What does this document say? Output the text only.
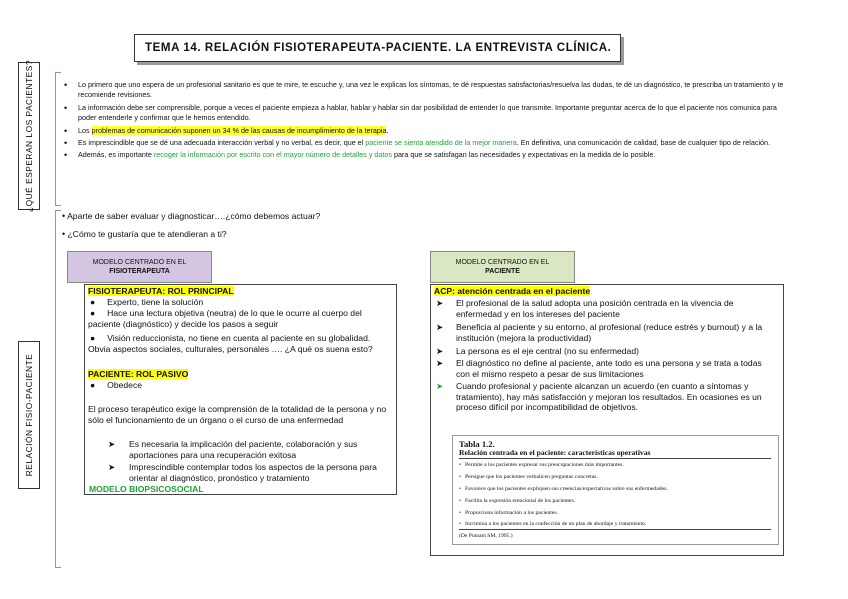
TEMA 14. RELACIÓN FISIOTERAPEUTA-PACIENTE. LA ENTREVISTA CLÍNICA.
¿QUÉ ESPERAN LOS PACIENTES?
RELACIÓN FISIO-PACIENTE
• Lo primero que uno espera de un profesional sanitario es que te mire, te escuche y, una vez le explicas los síntomas, te dé respuestas satisfactorias/resuelva las dudas, te dé un diagnóstico, te prescriba un tratamiento y te recomiende revisiones.
• La información debe ser comprensible, porque a veces el paciente empieza a hablar, hablar y hablar sin dar posibilidad de entender lo que transmite. Importante preguntar acerca de lo que el paciente nos comunica para poder entenderle y confirmar que le hemos entendido.
• Los problemas de comunicación suponen un 34 % de las causas de incumplimiento de la terapia.
• Es imprescindible que se dé una adecuada interacción verbal y no verbal, es decir, que el paciente se sienta atendido de la mejor manera. En definitiva, una comunicación de calidad, base de cualquier tipo de relación.
• Además, es importante recoger la información por escrito con el mayor número de detalles y datos para que se satisfagan las necesidades y expectativas en la medida de lo posible.
• Aparte de saber evaluar y diagnosticar….¿cómo debemos actuar?
• ¿Cómo te gustaría que te atendieran a ti?
MODELO CENTRADO EN EL
FISIOTERAPEUTA
MODELO CENTRADO EN EL
PACIENTE
FISIOTERAPEUTA: ROL PRINCIPAL
●     Experto, tiene la solución
●     Hace una lectura objetiva (neutra) de lo que le ocurre al cuerpo del paciente (diagnóstico) y decide los pasos a seguir
●     Visión reduccionista, no tiene en cuenta al paciente en su globalidad. Obvia aspectos sociales, culturales, personales …. ¿A qué os suena esto?
PACIENTE: ROL PASIVO
●     Obedece
El proceso terapéutico exige la comprensión de la totalidad de la persona y no sólo el funcionamiento de un órgano o el curso de una enfermedad
➤	Es necesaria la implicación del paciente, colaboración y sus aportaciones para una recuperación exitosa
➤	Imprescindible contemplar todos los aspectos de la persona para orientar al diagnóstico, pronóstico y tratamiento
MODELO BIOPSICOSOCIAL
ACP: atención centrada en el paciente
➤	El profesional de la salud adopta una posición centrada en la vivencia de enfermedad y en los intereses del paciente
➤	Beneficia al paciente y su entorno, al profesional (reduce estrés y burnout) y a la institución (mejora la productividad)
➤	La persona es el eje central (no su enfermedad)
➤	El diagnóstico no define al paciente, ante todo es una persona y se trata a todas con el mismo respeto a pesar de sus limitaciones
➤	Cuando profesional y paciente alcanzan un acuerdo (en cuanto a síntomas y tratamiento), hay más satisfacción y mejoran los resultados. En ocasiones es un proceso difícil por incompatibilidad de objetivos.
Tabla 1.2.
Relación centrada en el paciente: características operativas
• Permite a los pacientes expresar sus preocupaciones más importantes.
• Persigue que los pacientes verbalicen preguntas concretas.
• Favorece que los pacientes expliquen sus creencias/expectativas sobre sus enfermedades.
• Facilita la expresión emocional de los pacientes.
• Proporciona información a los pacientes.
• Incrimina a los pacientes en la confección de un plan de abordaje y tratamiento.
(De Putnam SM, 1995.)
